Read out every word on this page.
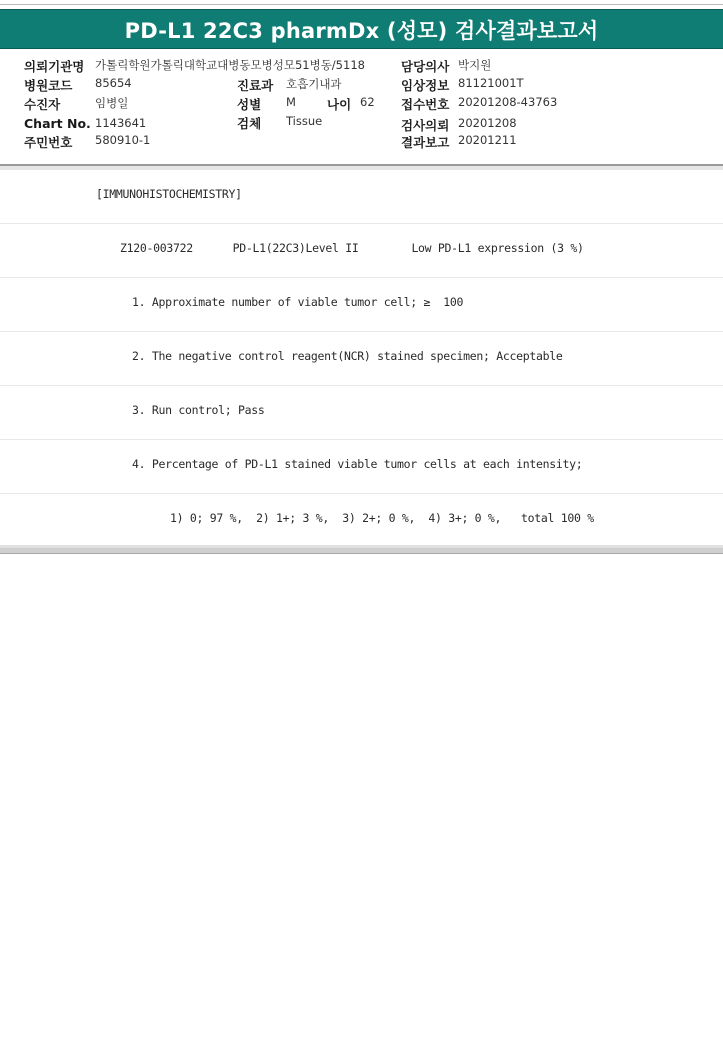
PD-L1 22C3 pharmDx (성모) 검사결과보고서
의뢰기관명 가톨릭학원가톨릭대학교대병동모병성모51병동/5118
병원코드 85654
수진자	임병일
Chart No. 1143641
주민번호 580910-1
진료과 호흡기내과
성별 M 나이 62
검체 Tissue
담당의사 박지원
임상정보 81121001T
접수번호 20201208-43763
검사의뢰 20201208
결과보고 20201211
[IMMUNOHISTOCHEMISTRY]
Z120-003722      PD-L1(22C3)Level II        Low PD-L1 expression (3 %)
1. Approximate number of viable tumor cell; ≥  100
2. The negative control reagent(NCR) stained specimen; Acceptable
3. Run control; Pass
4. Percentage of PD-L1 stained viable tumor cells at each intensity;
1) 0; 97 %,  2) 1+; 3 %,  3) 2+; 0 %,  4) 3+; 0 %,   total 100 %
